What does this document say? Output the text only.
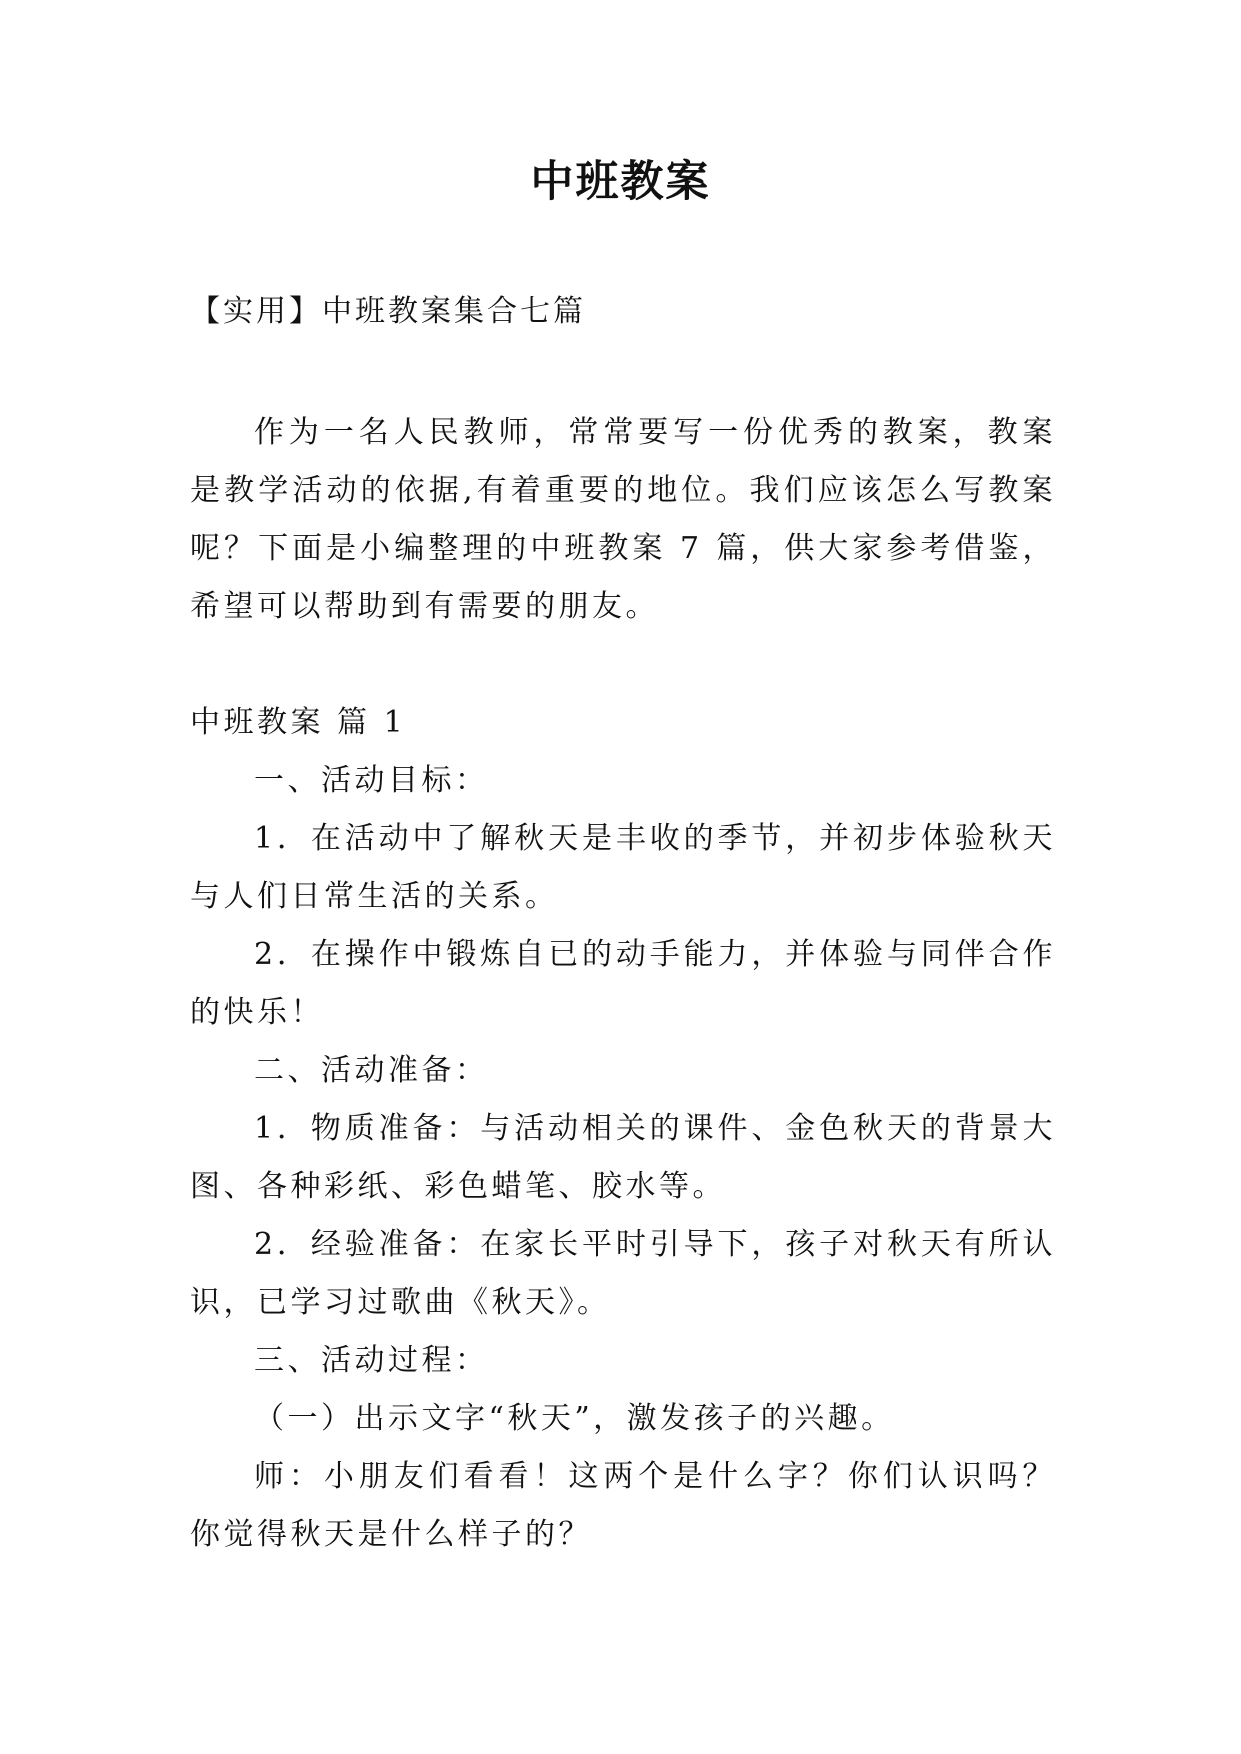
中班教案
【实用】中班教案集合七篇

作为一名人民教师，常常要写一份优秀的教案，教案是教学活动的依据,有着重要的地位。我们应该怎么写教案呢？下面是小编整理的中班教案 7 篇，供大家参考借鉴，希望可以帮助到有需要的朋友。

中班教案 篇 1

一、活动目标：

1．在活动中了解秋天是丰收的季节，并初步体验秋天与人们日常生活的关系。

2．在操作中锻炼自已的动手能力，并体验与同伴合作的快乐！

二、活动准备：

1．物质准备：与活动相关的课件、金色秋天的背景大图、各种彩纸、彩色蜡笔、胶水等。

2．经验准备：在家长平时引导下，孩子对秋天有所认识，已学习过歌曲《秋天》。

三、活动过程：

（一）出示文字“秋天”，激发孩子的兴趣。

师：小朋友们看看！这两个是什么字？你们认识吗？你觉得秋天是什么样子的？
